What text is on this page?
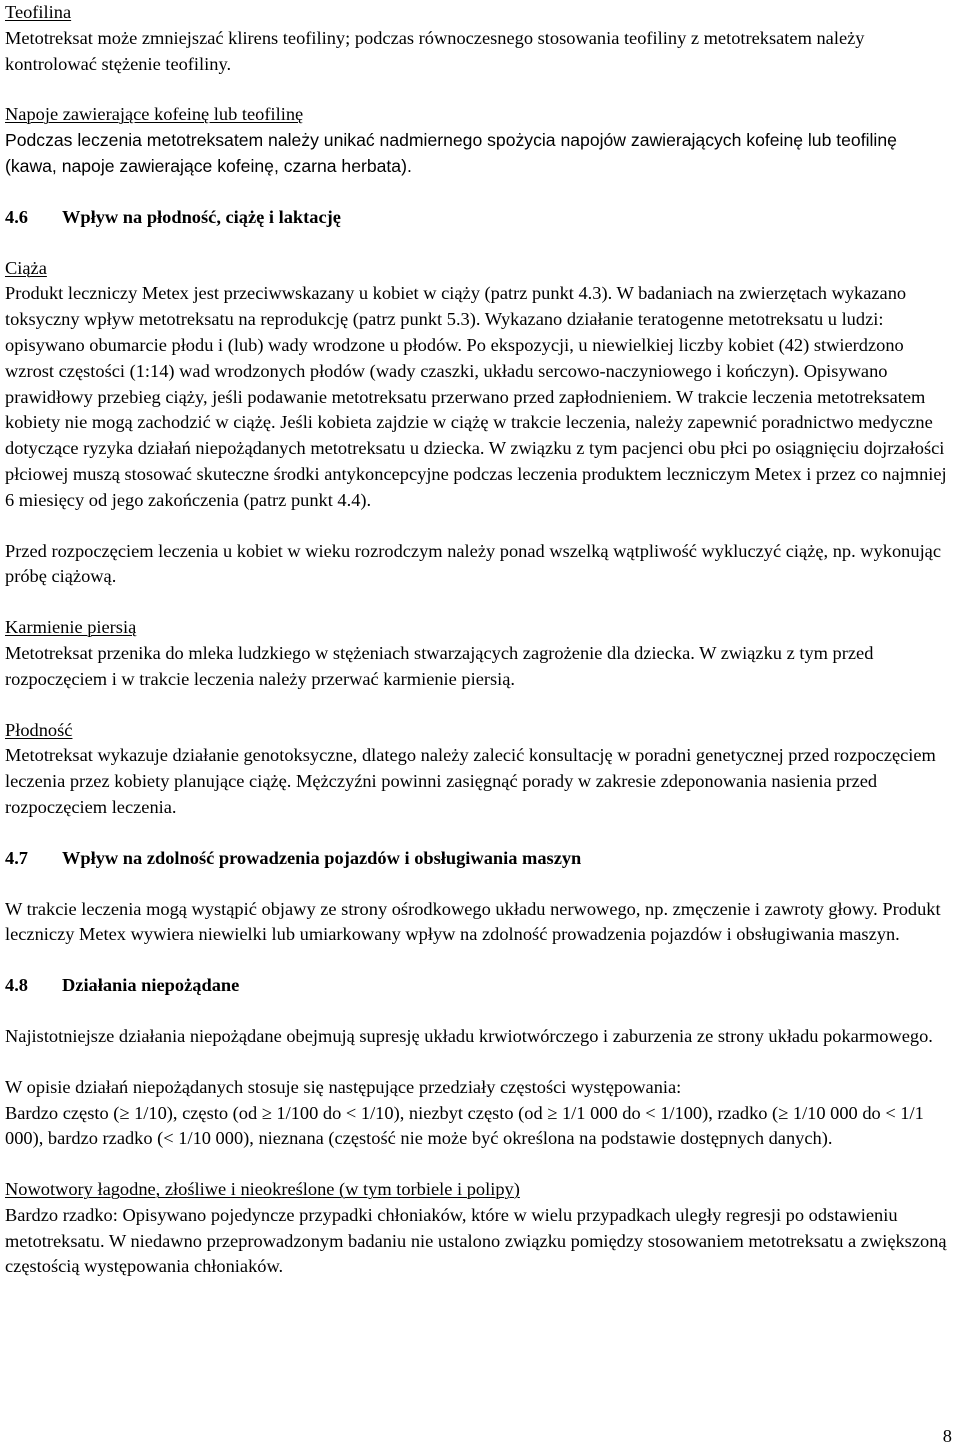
Teofilina

Metotreksat może zmniejszać klirens teofiliny; podczas równoczesnego stosowania teofiliny z metotreksatem należy kontrolować stężenie teofiliny.

Napoje zawierające kofeinę lub teofilinę

Podczas leczenia metotreksatem należy unikać nadmiernego spożycia napojów zawierających kofeinę lub teofilinę (kawa, napoje zawierające kofeinę, czarna herbata).

4.6	Wpływ na płodność, ciążę i laktację

Ciąża

Produkt leczniczy Metex jest przeciwwskazany u kobiet w ciąży (patrz punkt 4.3). W badaniach na zwierzętach wykazano toksyczny wpływ metotreksatu na reprodukcję (patrz punkt 5.3). Wykazano działanie teratogenne metotreksatu u ludzi: opisywano obumarcie płodu i (lub) wady wrodzone u płodów. Po ekspozycji, u niewielkiej liczby kobiet (42) stwierdzono wzrost częstości (1:14) wad wrodzonych płodów (wady czaszki, układu sercowo-naczyniowego i kończyn). Opisywano prawidłowy przebieg ciąży, jeśli podawanie metotreksatu przerwano przed zapłodnieniem. W trakcie leczenia metotreksatem kobiety nie mogą zachodzić w ciążę. Jeśli kobieta zajdzie w ciążę w trakcie leczenia, należy zapewnić poradnictwo medyczne dotyczące ryzyka działań niepożądanych metotreksatu u dziecka. W związku z tym pacjenci obu płci po osiągnięciu dojrzałości płciowej muszą stosować skuteczne środki antykoncepcyjne podczas leczenia produktem leczniczym Metex i przez co najmniej 6 miesięcy od jego zakończenia (patrz punkt 4.4).

Przed rozpoczęciem leczenia u kobiet w wieku rozrodczym należy ponad wszelką wątpliwość wykluczyć ciążę, np. wykonując próbę ciążową.

Karmienie piersią

Metotreksat przenika do mleka ludzkiego w stężeniach stwarzających zagrożenie dla dziecka. W związku z tym przed rozpoczęciem i w trakcie leczenia należy przerwać karmienie piersią.

Płodność

Metotreksat wykazuje działanie genotoksyczne, dlatego należy zalecić konsultację w poradni genetycznej przed rozpoczęciem leczenia przez kobiety planujące ciążę. Mężczyźni powinni zasięgnąć porady w zakresie zdeponowania nasienia przed rozpoczęciem leczenia.

4.7	Wpływ na zdolność prowadzenia pojazdów i obsługiwania maszyn

W trakcie leczenia mogą wystąpić objawy ze strony ośrodkowego układu nerwowego, np. zmęczenie i zawroty głowy. Produkt leczniczy Metex wywiera niewielki lub umiarkowany wpływ na zdolność prowadzenia pojazdów i obsługiwania maszyn.

4.8	Działania niepożądane

Najistotniejsze działania niepożądane obejmują supresję układu krwiotwórczego i zaburzenia ze strony układu pokarmowego.

W opisie działań niepożądanych stosuje się następujące przedziały częstości występowania:

Bardzo często (≥ 1/10), często (od ≥ 1/100 do < 1/10), niezbyt często (od ≥ 1/1 000 do < 1/100), rzadko (≥ 1/10 000 do < 1/1 000), bardzo rzadko (< 1/10 000), nieznana (częstość nie może być określona na podstawie dostępnych danych).

Nowotwory łagodne, złośliwe i nieokreślone (w tym torbiele i polipy)

Bardzo rzadko: Opisywano pojedyncze przypadki chłoniaków, które w wielu przypadkach uległy regresji po odstawieniu metotreksatu. W niedawno przeprowadzonym badaniu nie ustalono związku pomiędzy stosowaniem metotreksatu a zwiększoną częstością występowania chłoniaków.

8
